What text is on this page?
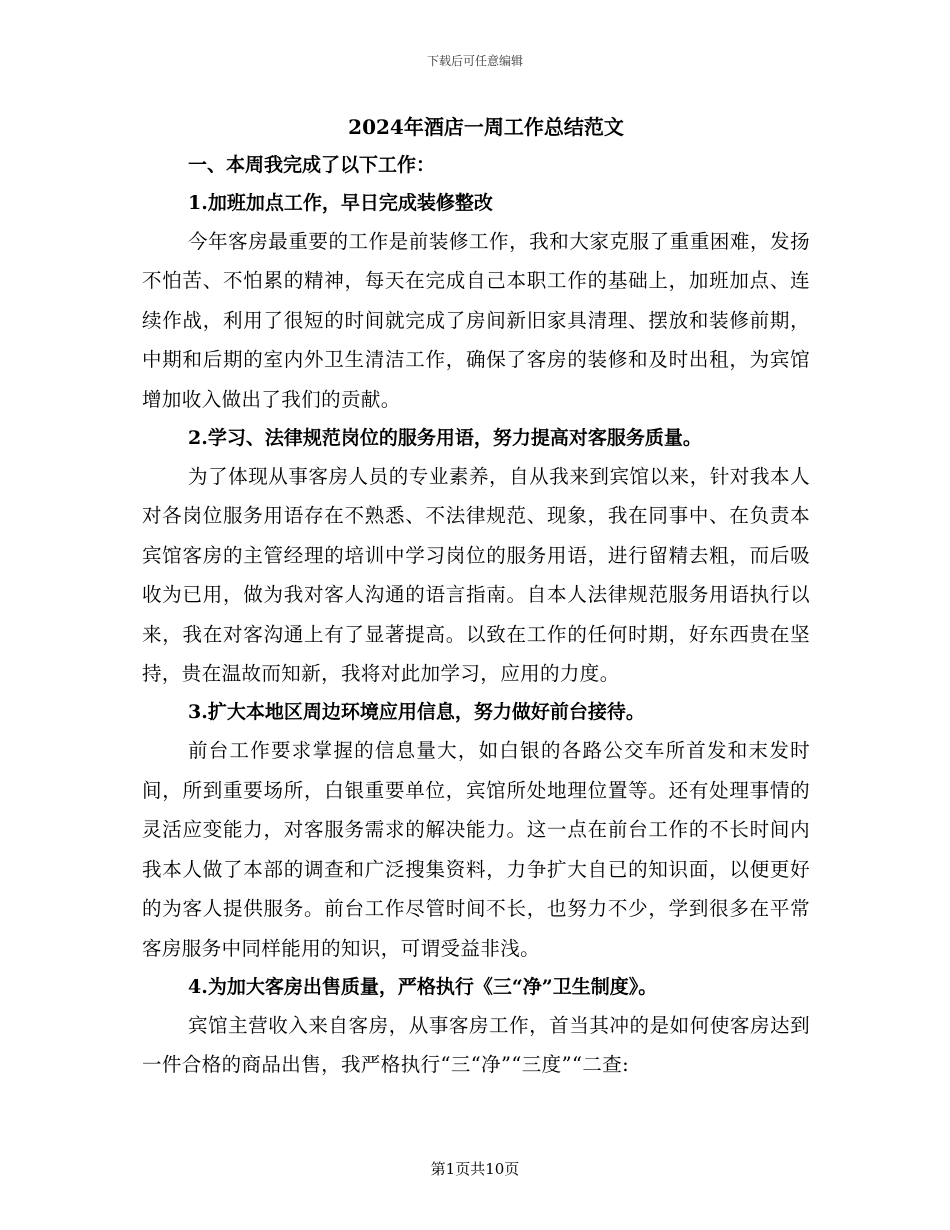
下载后可任意编辑
2024年酒店一周工作总结范文
一、本周我完成了以下工作：
1.加班加点工作，早日完成装修整改

今年客房最重要的工作是前装修工作，我和大家克服了重重困难，发扬不怕苦、不怕累的精神，每天在完成自己本职工作的基础上，加班加点、连续作战，利用了很短的时间就完成了房间新旧家具清理、摆放和装修前期，中期和后期的室内外卫生清洁工作，确保了客房的装修和及时出租，为宾馆增加收入做出了我们的贡献。

2.学习、法律规范岗位的服务用语，努力提高对客服务质量。

为了体现从事客房人员的专业素养，自从我来到宾馆以来，针对我本人对各岗位服务用语存在不熟悉、不法律规范、现象，我在同事中、在负责本宾馆客房的主管经理的培训中学习岗位的服务用语，进行留精去粗，而后吸收为已用，做为我对客人沟通的语言指南。自本人法律规范服务用语执行以来，我在对客沟通上有了显著提高。以致在工作的任何时期，好东西贵在坚持，贵在温故而知新，我将对此加学习，应用的力度。

3.扩大本地区周边环境应用信息，努力做好前台接待。

前台工作要求掌握的信息量大，如白银的各路公交车所首发和末发时间，所到重要场所，白银重要单位，宾馆所处地理位置等。还有处理事情的灵活应变能力，对客服务需求的解决能力。这一点在前台工作的不长时间内我本人做了本部的调查和广泛搜集资料，力争扩大自已的知识面，以便更好的为客人提供服务。前台工作尽管时间不长，也努力不少，学到很多在平常客房服务中同样能用的知识，可谓受益非浅。

4.为加大客房出售质量，严格执行《三“净”卫生制度》。

宾馆主营收入来自客房，从事客房工作，首当其冲的是如何使客房达到一件合格的商品出售，我严格执行“三“净”“三度”“二查:

第1页共10页
